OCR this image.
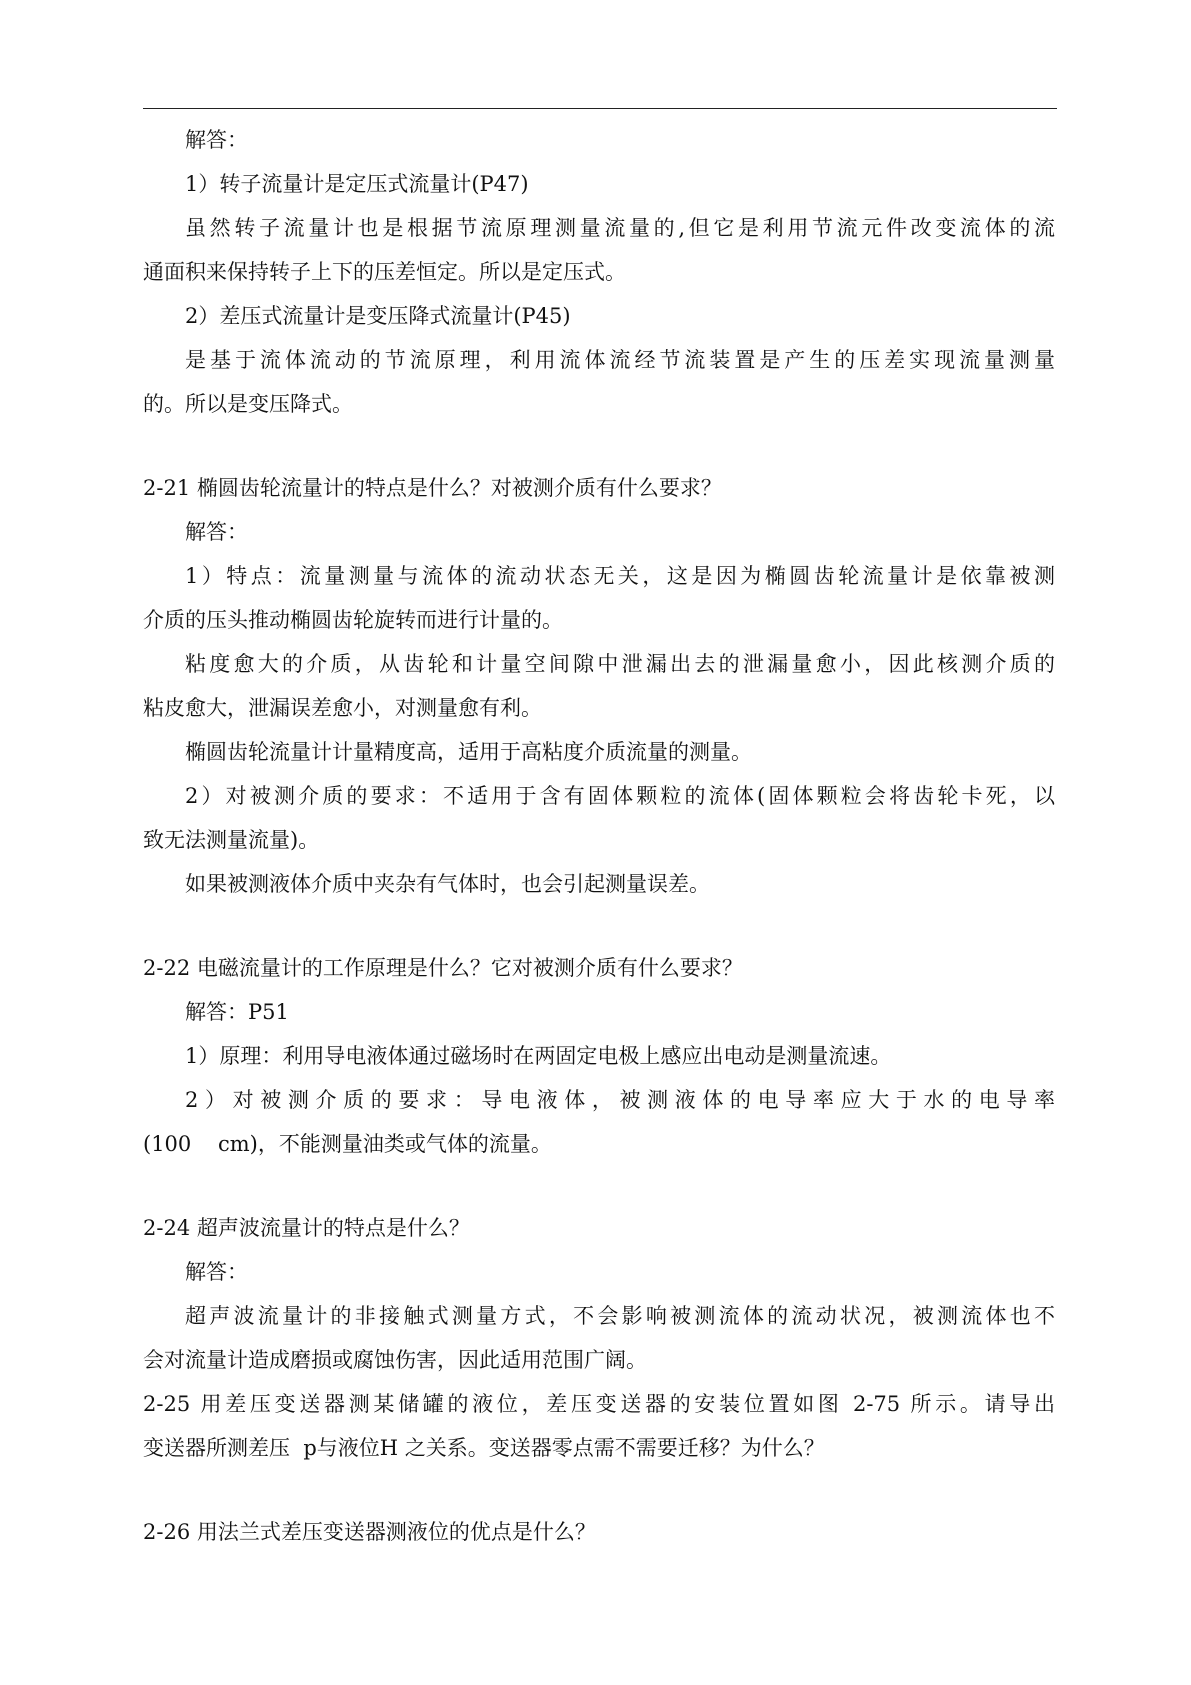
解答：
1）转子流量计是定压式流量计(P47)
虽然转子流量计也是根据节流原理测量流量的,但它是利用节流元件改变流体的流
通面积来保持转子上下的压差恒定。所以是定压式。
2）差压式流量计是变压降式流量计(P45)
是基于流体流动的节流原理，利用流体流经节流装置是产生的压差实现流量测量
的。所以是变压降式。
2-21 椭圆齿轮流量计的特点是什么？对被测介质有什么要求？
解答：
1）特点：流量测量与流体的流动状态无关，这是因为椭圆齿轮流量计是依靠被测
介质的压头推动椭圆齿轮旋转而进行计量的。
粘度愈大的介质，从齿轮和计量空间隙中泄漏出去的泄漏量愈小，因此核测介质的
粘皮愈大，泄漏误差愈小，对测量愈有利。
椭圆齿轮流量计计量精度高，适用于高粘度介质流量的测量。
2）对被测介质的要求：不适用于含有固体颗粒的流体(固体颗粒会将齿轮卡死，以
致无法测量流量)。
如果被测液体介质中夹杂有气体时，也会引起测量误差。
2-22 电磁流量计的工作原理是什么？它对被测介质有什么要求？
解答：P51
1）原理：利用导电液体通过磁场时在两固定电极上感应出电动是测量流速。
2）对被测介质的要求：导电液体，被测液体的电导率应大于水的电导率
(100    cm)，不能测量油类或气体的流量。
2-24 超声波流量计的特点是什么？
解答：
超声波流量计的非接触式测量方式，不会影响被测流体的流动状况，被测流体也不
会对流量计造成磨损或腐蚀伤害，因此适用范围广阔。
2-25 用差压变送器测某储罐的液位，差压变送器的安装位置如图 2-75 所示。请导出
变送器所测差压  p与液位H 之关系。变送器零点需不需要迁移？为什么？
2-26 用法兰式差压变送器测液位的优点是什么？
